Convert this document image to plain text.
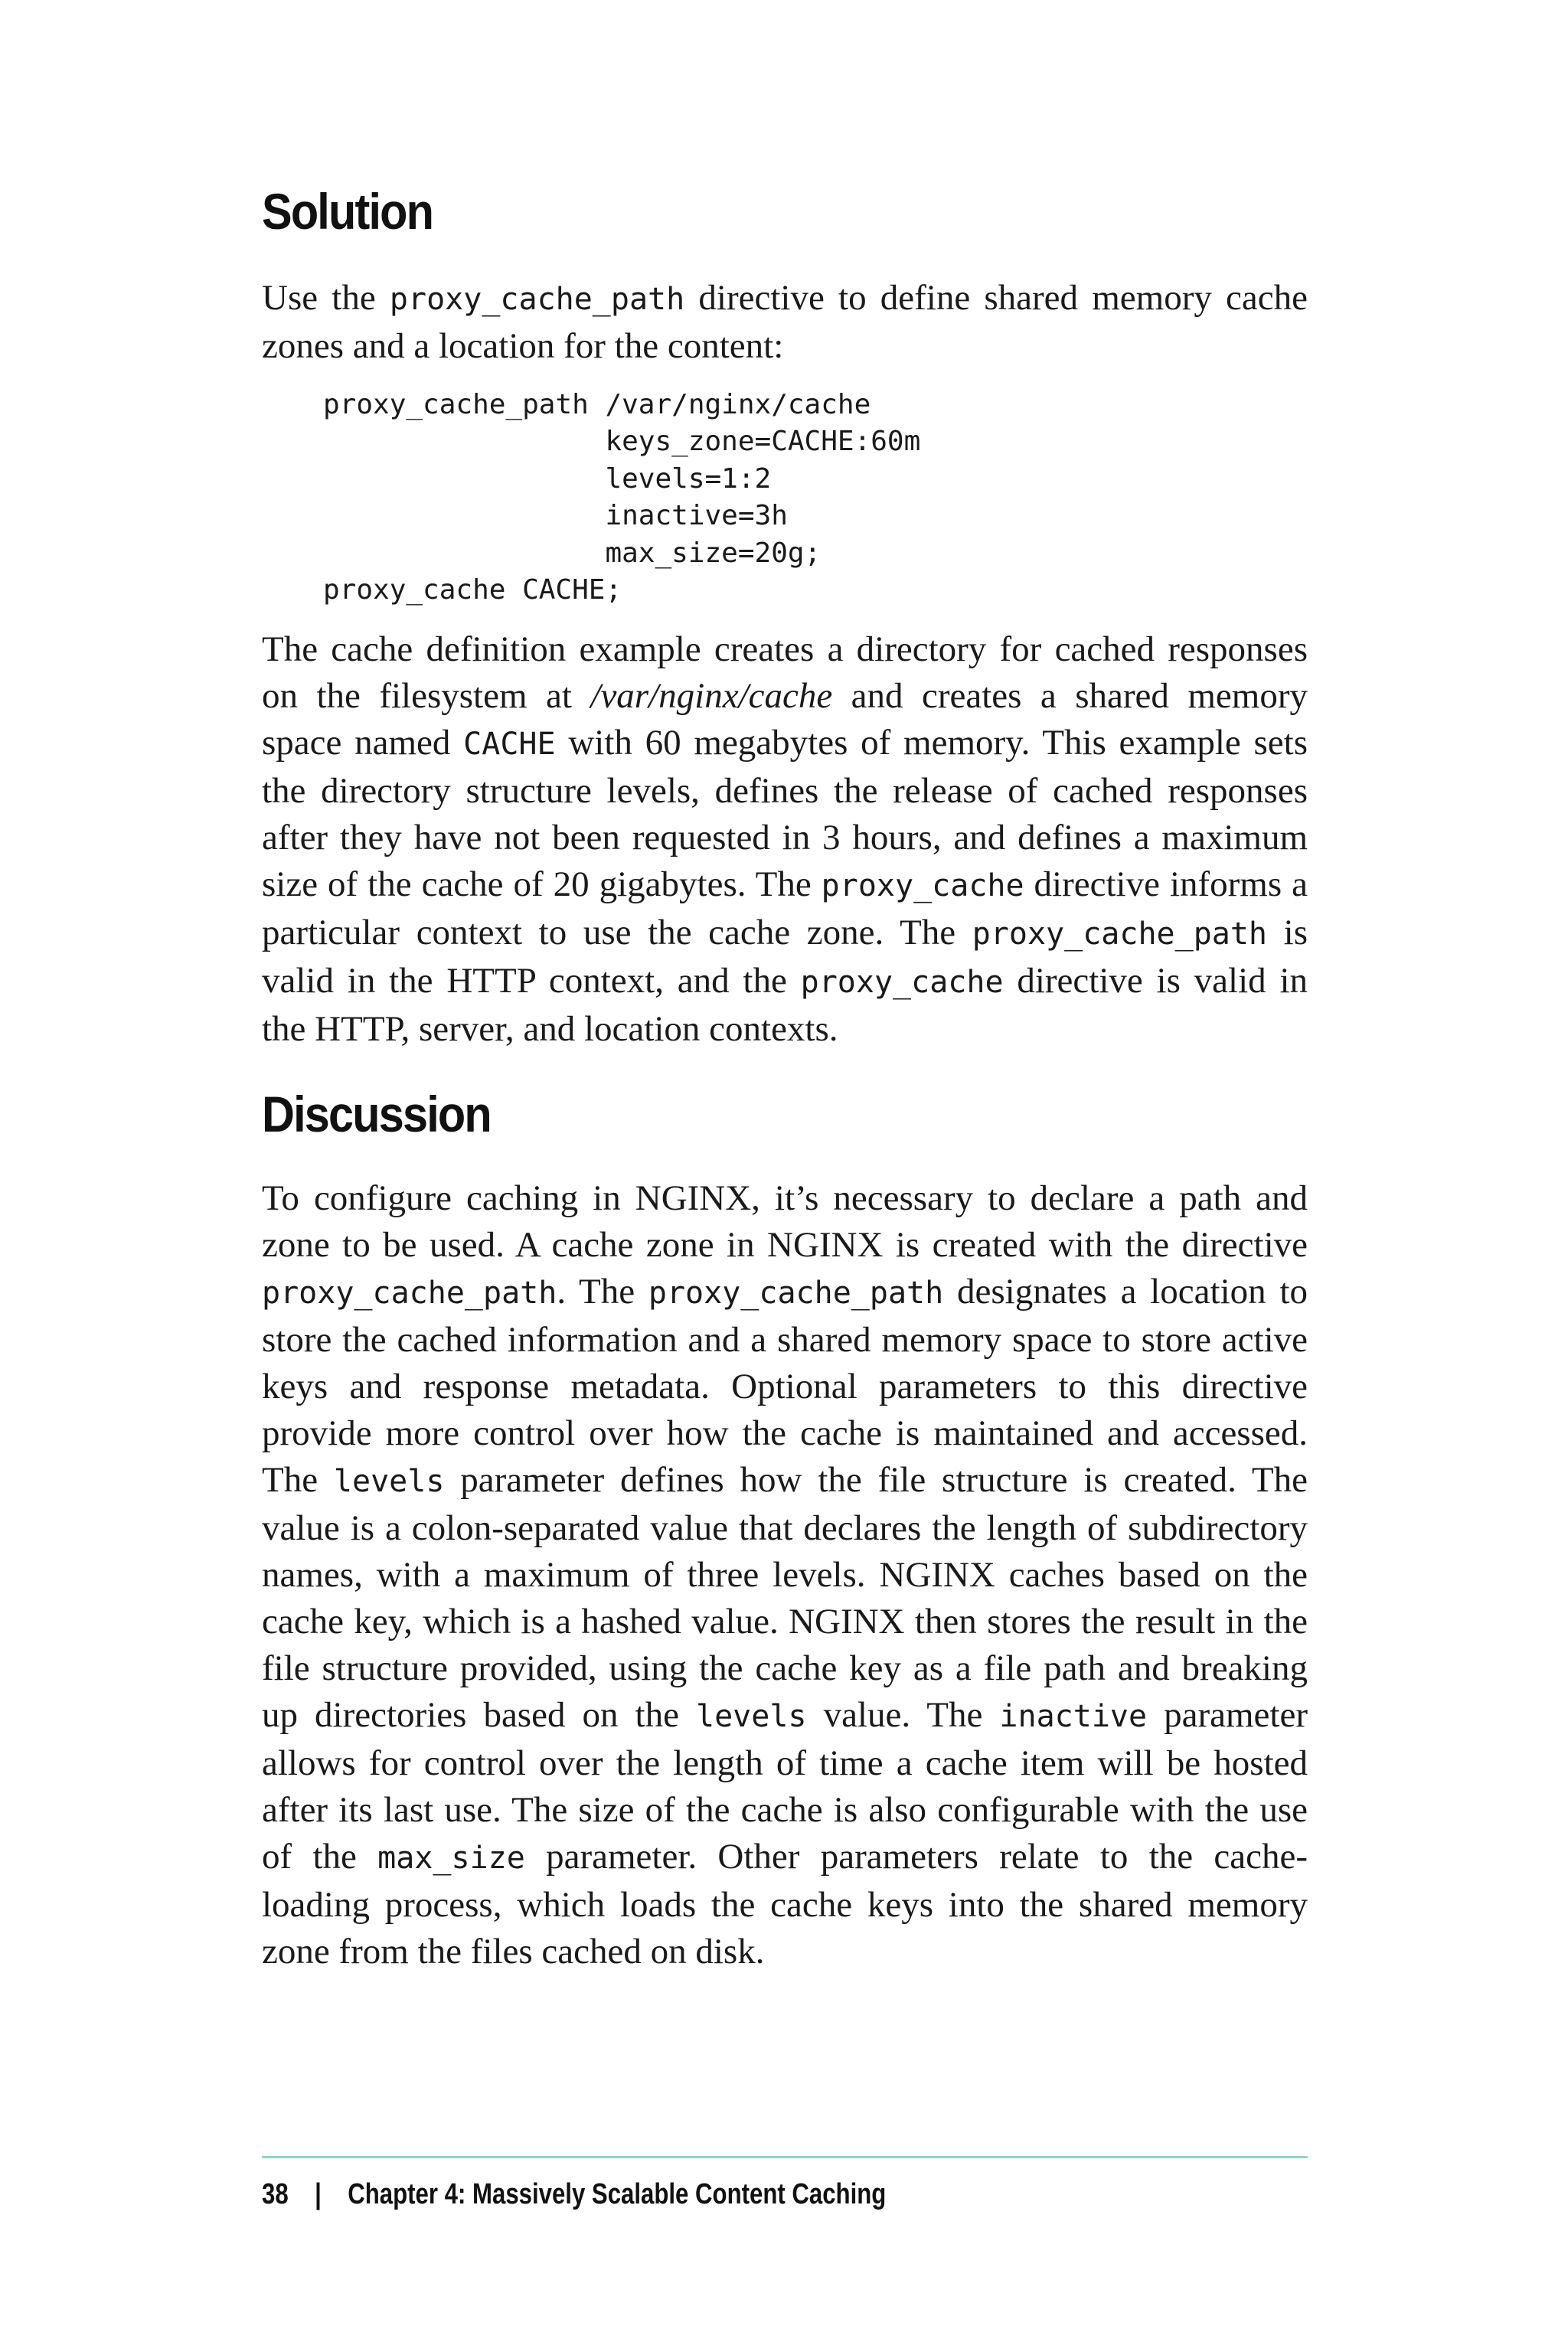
Solution

Use the proxy_cache_path directive to define shared memory cache zones and a location for the content:

proxy_cache_path /var/nginx/cache
keys_zone=CACHE:60m
levels=1:2
inactive=3h
max_size=20g;
proxy_cache CACHE;

The cache definition example creates a directory for cached responses on the filesystem at /var/nginx/cache and creates a shared memory space named CACHE with 60 megabytes of memory. This example sets the directory structure levels, defines the release of cached responses after they have not been requested in 3 hours, and defines a maximum size of the cache of 20 gigabytes. The proxy_cache directive informs a particular context to use the cache zone. The proxy_cache_path is valid in the HTTP context, and the proxy_cache directive is valid in the HTTP, server, and location contexts.

Discussion

To configure caching in NGINX, it’s necessary to declare a path and zone to be used. A cache zone in NGINX is created with the directive proxy_cache_path. The proxy_cache_path designates a location to store the cached information and a shared memory space to store active keys and response metadata. Optional parameters to this directive provide more control over how the cache is maintained and accessed. The levels parameter defines how the file structure is created. The value is a colon-separated value that declares the length of subdirectory names, with a maximum of three levels. NGINX caches based on the cache key, which is a hashed value. NGINX then stores the result in the file structure provided, using the cache key as a file path and breaking up directories based on the levels value. The inactive parameter allows for control over the length of time a cache item will be hosted after its last use. The size of the cache is also configurable with the use of the max_size parameter. Other parameters relate to the cache-loading process, which loads the cache keys into the shared memory zone from the files cached on disk.

38 | Chapter 4: Massively Scalable Content Caching
